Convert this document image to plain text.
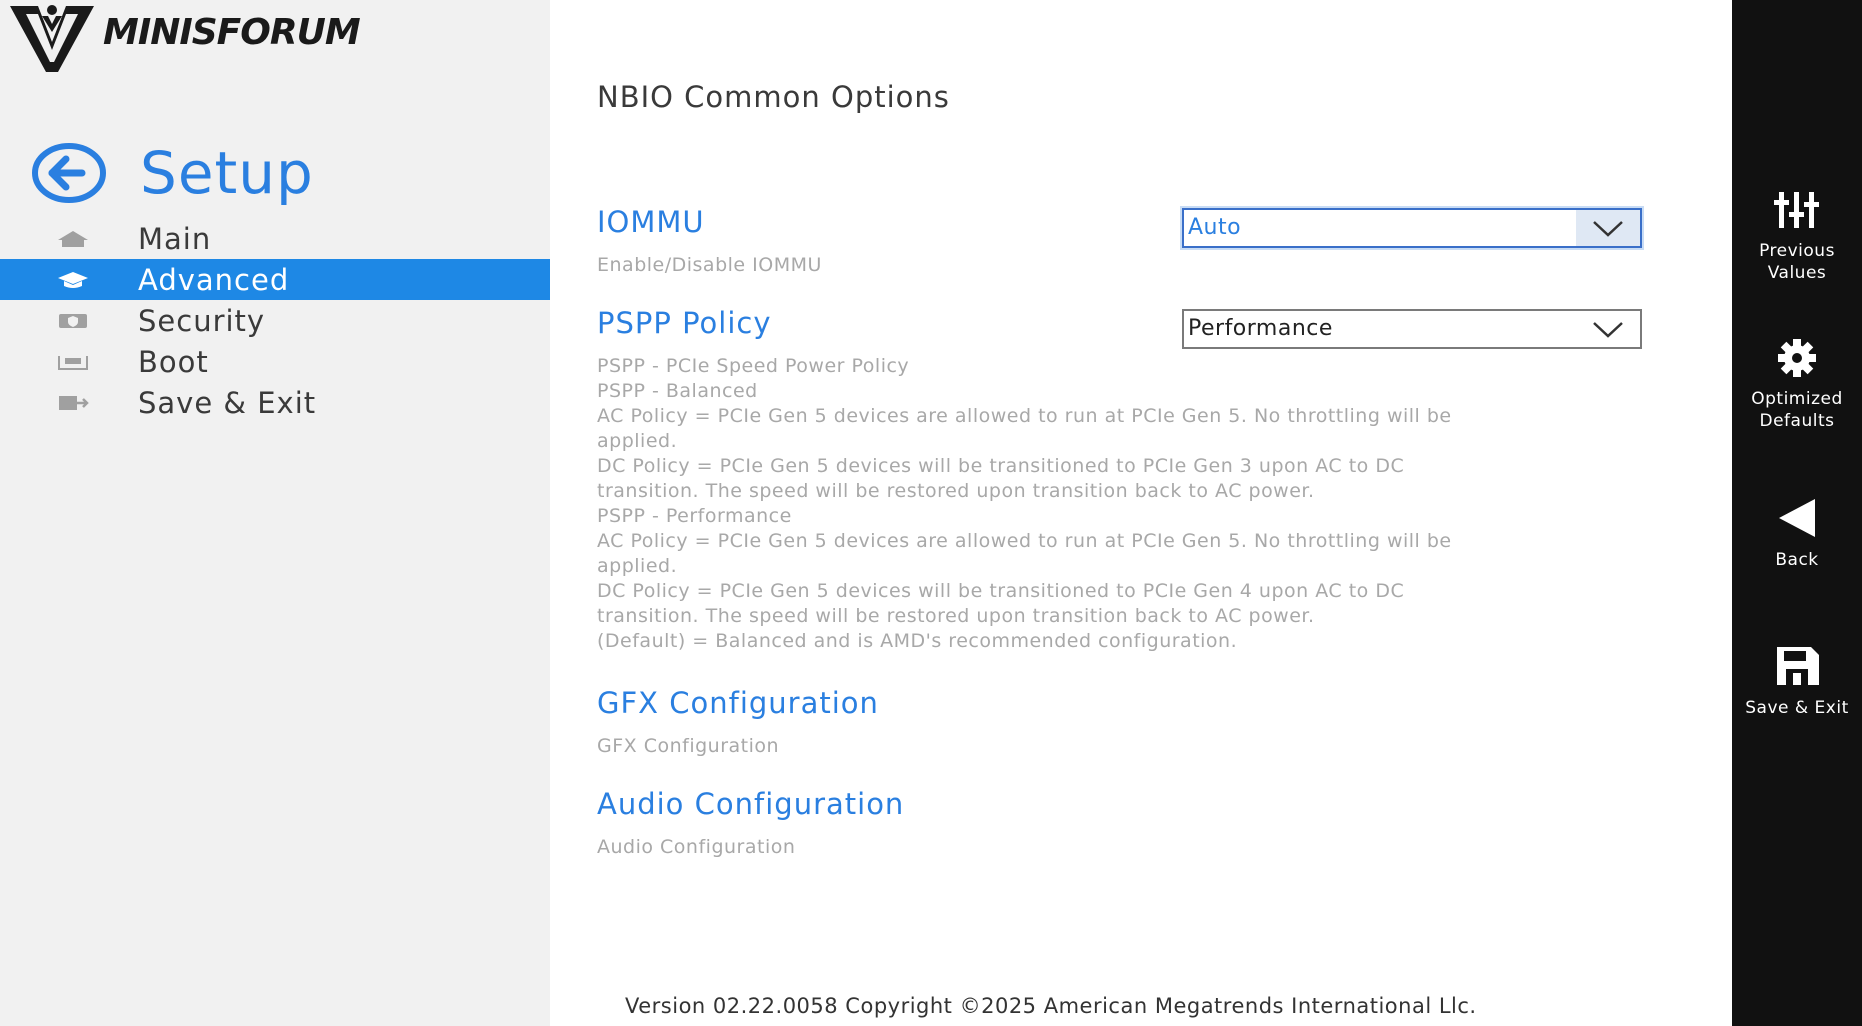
MINISFORUM
Setup
Main
Advanced
Security
Boot
Save & Exit
NBIO Common Options
IOMMU	Auto
Enable/Disable IOMMU
PSPP Policy	Performance
PSPP - PCIe Speed Power Policy
PSPP - Balanced
AC Policy = PCIe Gen 5 devices are allowed to run at PCIe Gen 5. No throttling will be
applied.
DC Policy = PCIe Gen 5 devices will be transitioned to PCIe Gen 3 upon AC to DC
transition. The speed will be restored upon transition back to AC power.
PSPP - Performance
AC Policy = PCIe Gen 5 devices are allowed to run at PCIe Gen 5. No throttling will be
applied.
DC Policy = PCIe Gen 5 devices will be transitioned to PCIe Gen 4 upon AC to DC
transition. The speed will be restored upon transition back to AC power.
(Default) = Balanced and is AMD's recommended configuration.
GFX Configuration
GFX Configuration
Audio Configuration
Audio Configuration
Version 02.22.0058 Copyright ©2025 American Megatrends International Llc.
Previous
Values
Optimized
Defaults
Back
Save & Exit
